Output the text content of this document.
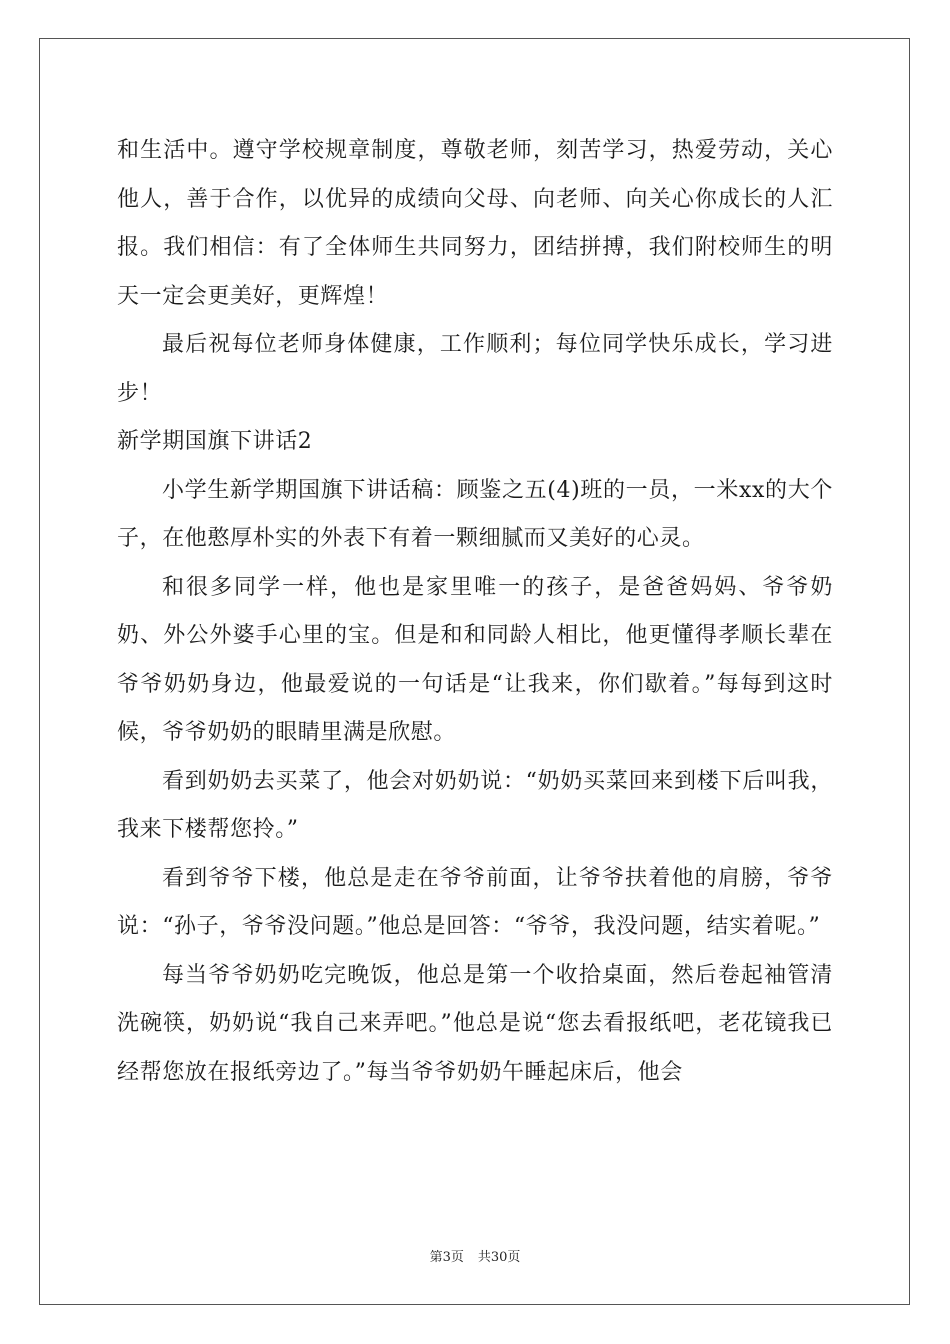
和生活中。遵守学校规章制度，尊敬老师，刻苦学习，热爱劳动，关心他人，善于合作，以优异的成绩向父母、向老师、向关心你成长的人汇报。我们相信：有了全体师生共同努力，团结拼搏，我们附校师生的明天一定会更美好，更辉煌！

最后祝每位老师身体健康，工作顺利；每位同学快乐成长，学习进步！

新学期国旗下讲话2

小学生新学期国旗下讲话稿：顾鉴之五(4)班的一员，一米xx的大个子，在他憨厚朴实的外表下有着一颗细腻而又美好的心灵。

和很多同学一样，他也是家里唯一的孩子，是爸爸妈妈、爷爷奶奶、外公外婆手心里的宝。但是和和同龄人相比，他更懂得孝顺长辈在爷爷奶奶身边，他最爱说的一句话是“让我来，你们歇着。”每每到这时候，爷爷奶奶的眼睛里满是欣慰。

看到奶奶去买菜了，他会对奶奶说：“奶奶买菜回来到楼下后叫我，我来下楼帮您拎。”

看到爷爷下楼，他总是走在爷爷前面，让爷爷扶着他的肩膀，爷爷说：“孙子，爷爷没问题。”他总是回答：“爷爷，我没问题，结实着呢。”

每当爷爷奶奶吃完晚饭，他总是第一个收拾桌面，然后卷起袖管清洗碗筷，奶奶说“我自己来弄吧。”他总是说“您去看报纸吧，老花镜我已经帮您放在报纸旁边了。”每当爷爷奶奶午睡起床后，他会

第3页 共30页
